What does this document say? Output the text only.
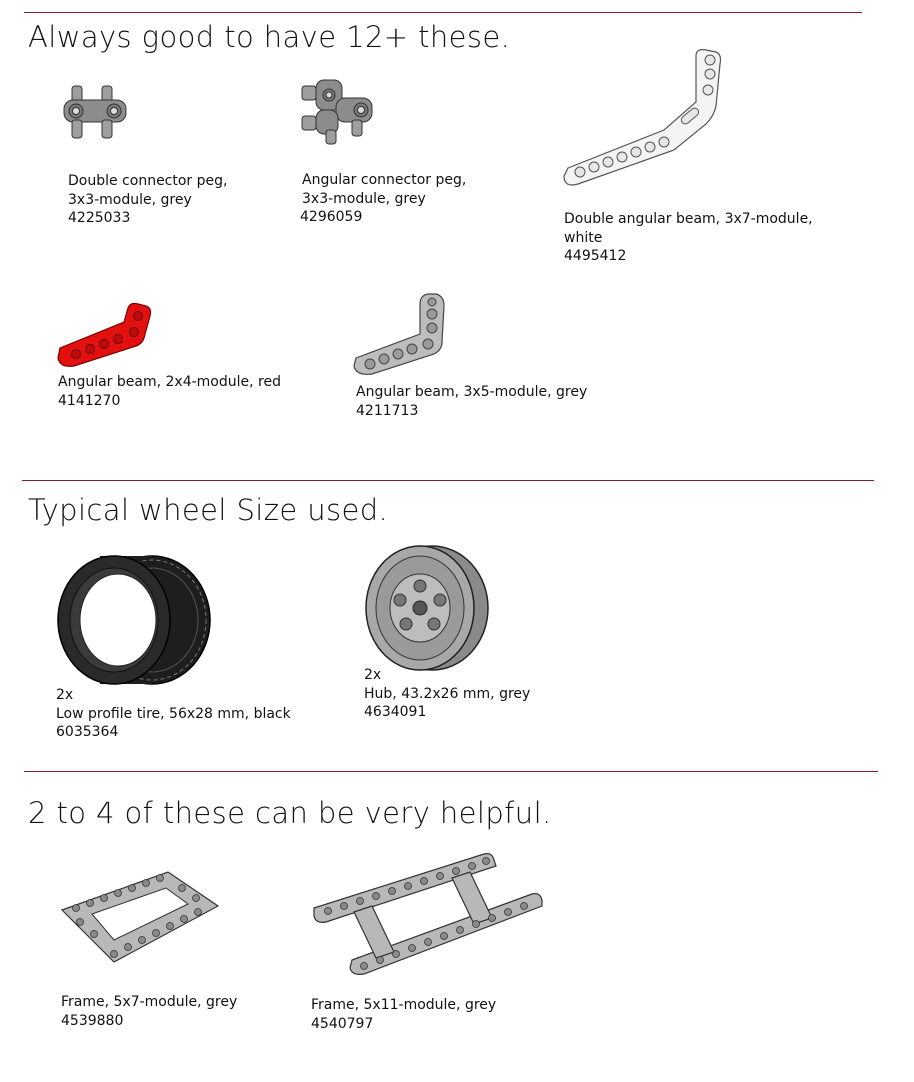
Always good to have 12+ these.
Double connector peg,
3x3-module, grey
4225033
Angular connector peg,
3x3-module, grey
4296059	Double angular beam, 3x7-module,
white
4495412
Angular beam, 2x4-module, red
4141270
Angular beam, 3x5-module, grey
4211713
Typical wheel Size used.
2x
Low profile tire, 56x28 mm, black
6035364
2x
Hub, 43.2x26 mm, grey
4634091
2 to 4 of these can be very helpful.
Frame, 5x7-module, grey
4539880
Frame, 5x11-module, grey
4540797
